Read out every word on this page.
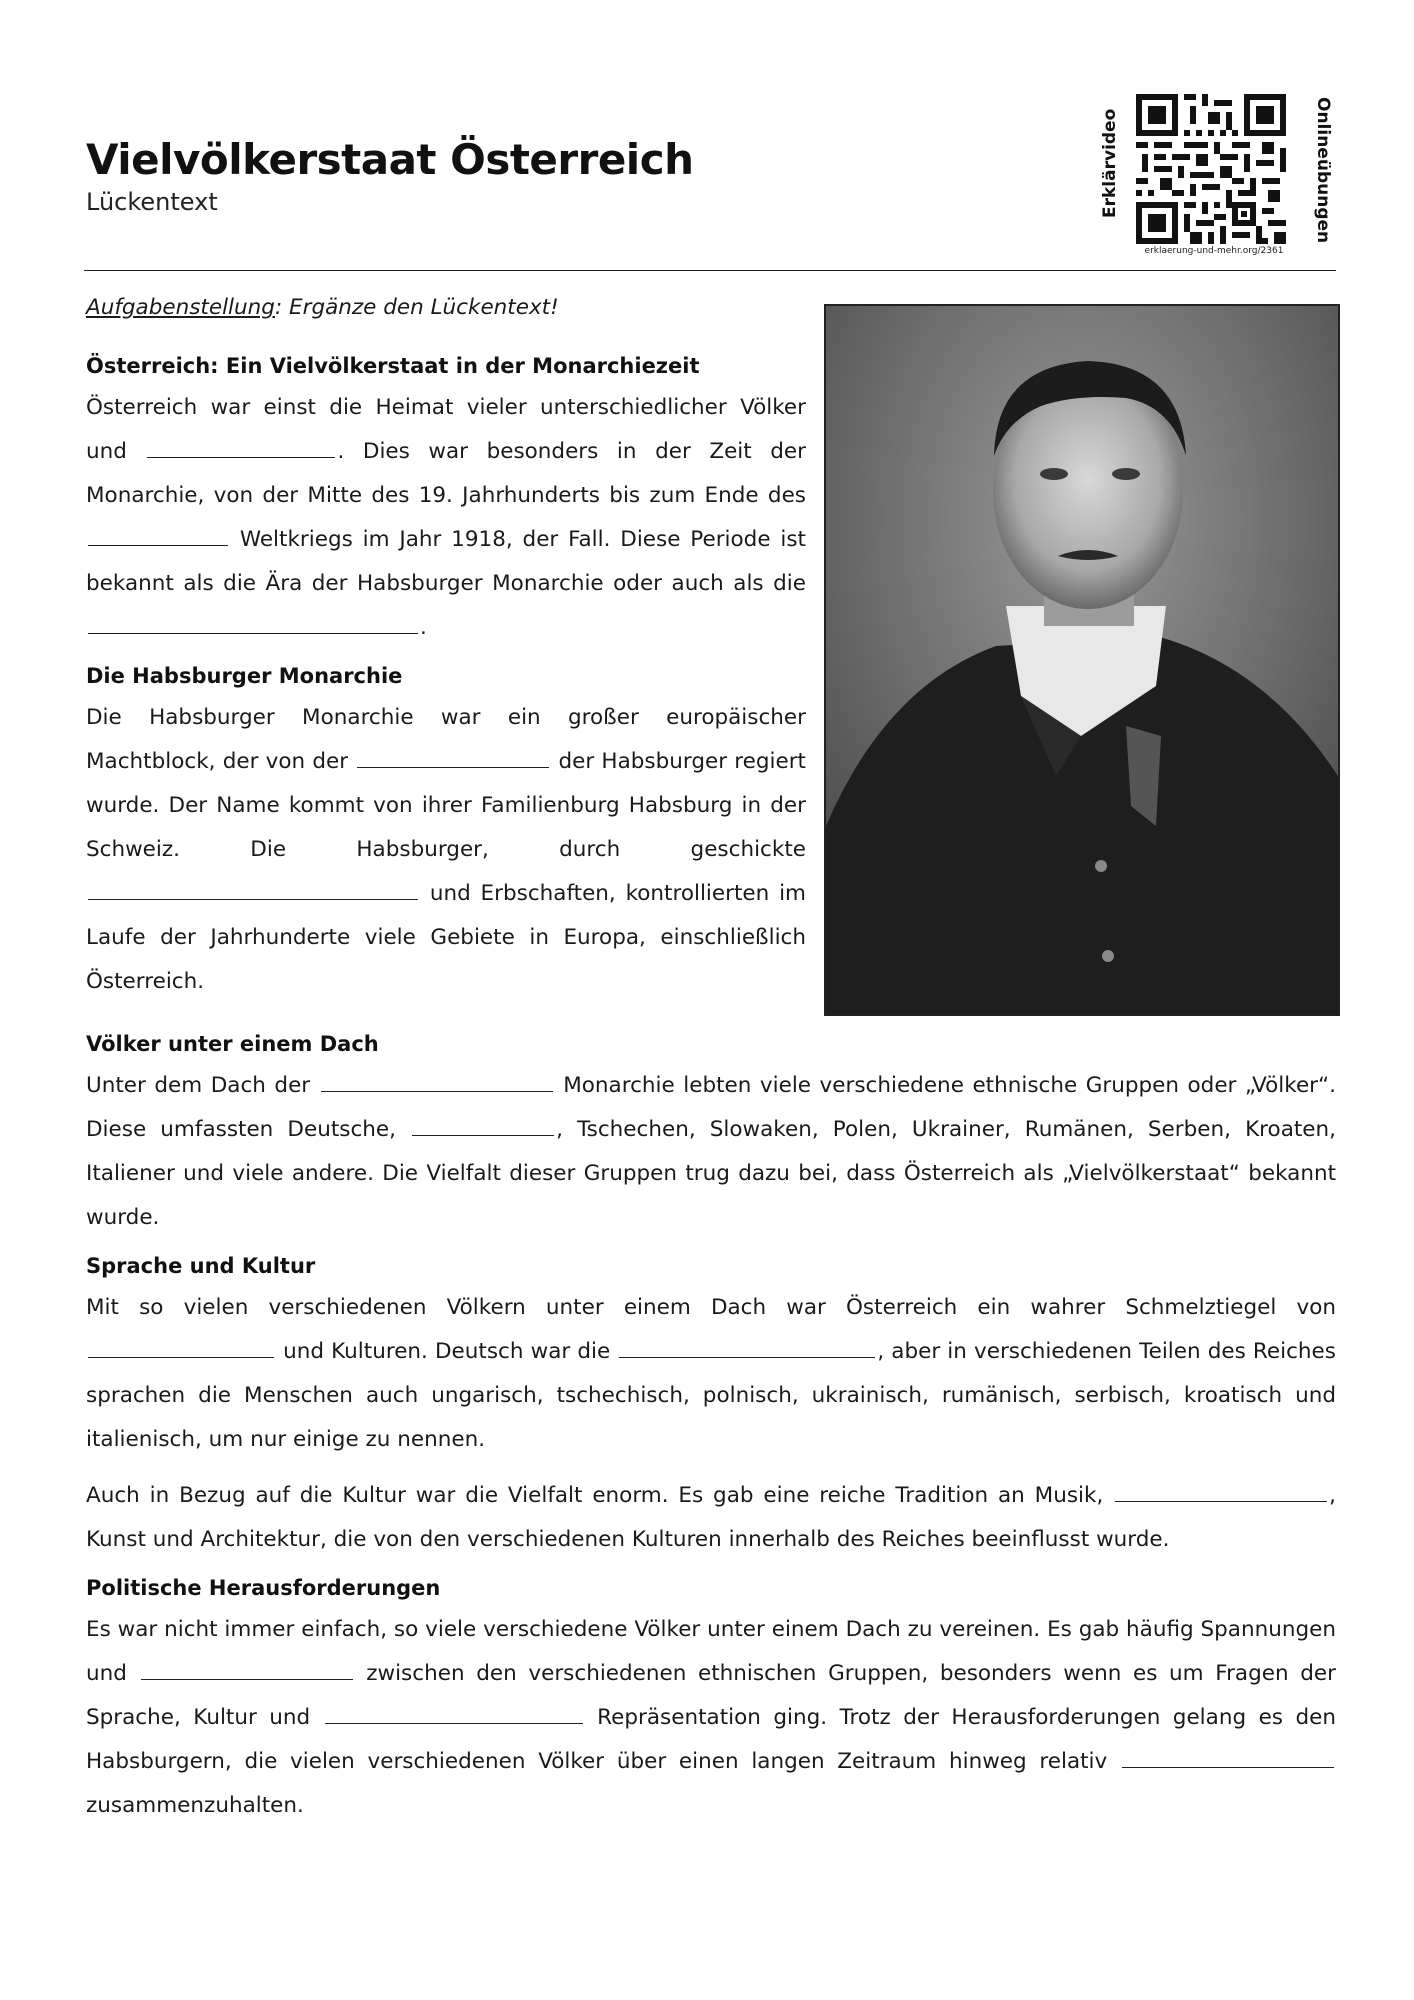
Vielvölkerstaat Österreich
Lückentext	Erklärvideo
erklaerung-und-mehr.org/2361
Onlineübungen

Aufgabenstellung: Ergänze den Lückentext!

Österreich: Ein Vielvölkerstaat in der Monarchiezeit

Österreich war einst die Heimat vieler unterschiedlicher Völker und	. Dies war besonders in der Zeit der Monarchie, von der Mitte des 19. Jahrhunderts bis zum Ende des  Weltkriegs im Jahr 1918, der Fall. Diese Periode ist bekannt als die Ära der Habsburger Monarchie oder auch als die .

Die Habsburger Monarchie

Die Habsburger Monarchie war ein großer europäischer Machtblock, der von der	der Habsburger regiert wurde. Der Name kommt von ihrer Familienburg Habsburg in der Schweiz. Die Habsburger, durch geschickte  und Erbschaften, kontrollierten im Laufe der Jahrhunderte viele Gebiete in Europa, einschließlich Österreich.

Völker unter einem Dach

Unter dem Dach der	Monarchie lebten viele verschiedene ethnische Gruppen oder „Völker“. Diese umfassten Deutsche,	, Tschechen, Slowaken, Polen, Ukrainer, Rumänen, Serben, Kroaten, Italiener und viele andere. Die Vielfalt dieser Gruppen trug dazu bei, dass Österreich als „Vielvölkerstaat“ bekannt wurde.

Sprache und Kultur

Mit so vielen verschiedenen Völkern unter einem Dach war Österreich ein wahrer Schmelztiegel von  und Kulturen. Deutsch war die	, aber in verschiedenen Teilen des Reiches sprachen die Menschen auch ungarisch, tschechisch, polnisch, ukrainisch, rumänisch, serbisch, kroatisch und italienisch, um nur einige zu nennen.

Auch in Bezug auf die Kultur war die Vielfalt enorm. Es gab eine reiche Tradition an Musik,	, Kunst und Architektur, die von den verschiedenen Kulturen innerhalb des Reiches beeinflusst wurde.

Politische Herausforderungen

Es war nicht immer einfach, so viele verschiedene Völker unter einem Dach zu vereinen. Es gab häufig Spannungen und	zwischen den verschiedenen ethnischen Gruppen, besonders wenn es um Fragen der Sprache, Kultur und	Repräsentation ging. Trotz der Herausforderungen gelang es den Habsburgern, die vielen verschiedenen Völker über einen langen Zeitraum hinweg relativ  zusammenzuhalten.
